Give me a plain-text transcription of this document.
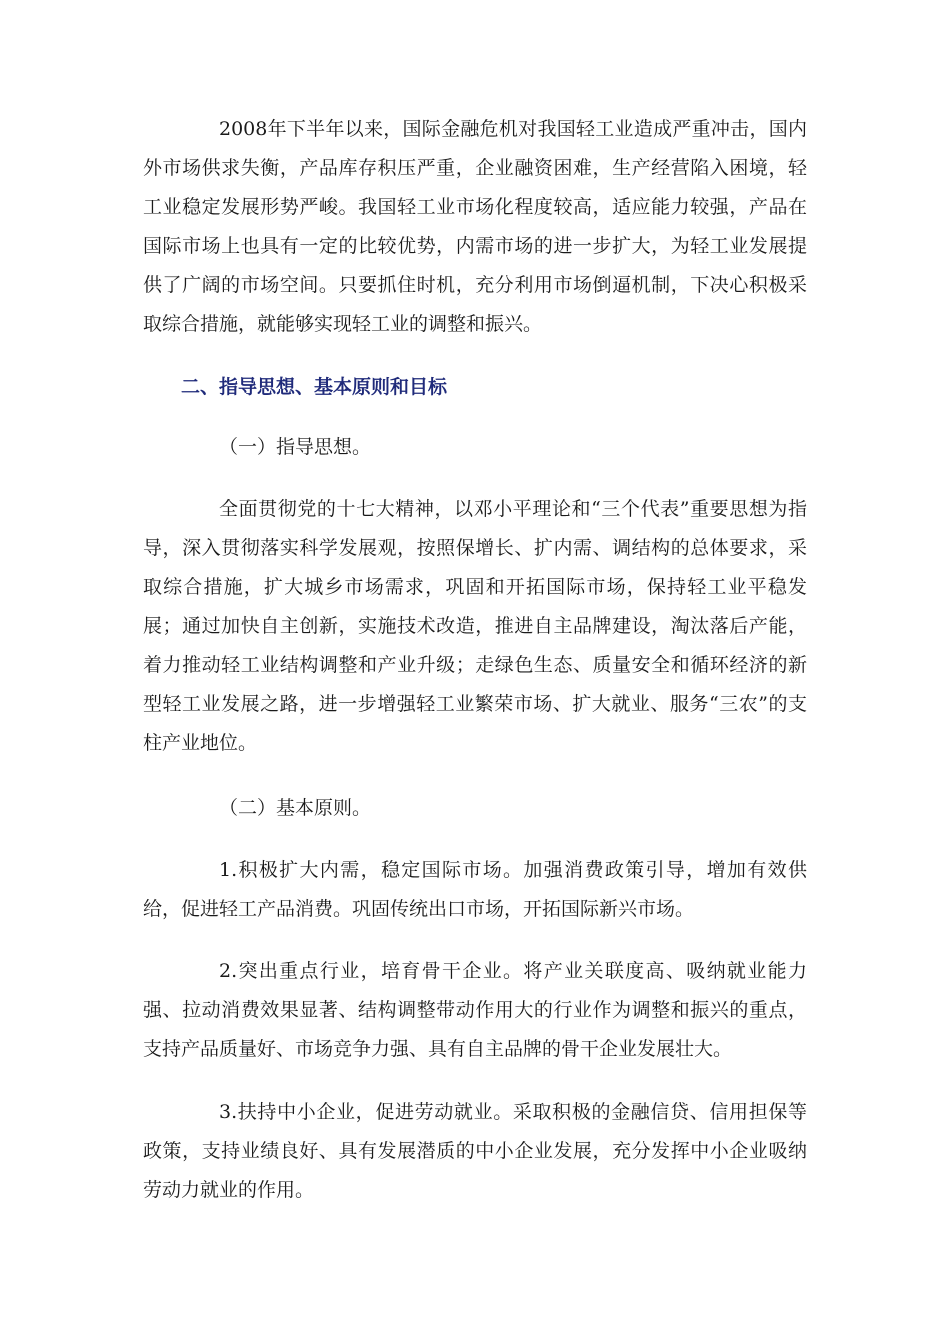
2008年下半年以来，国际金融危机对我国轻工业造成严重冲击，国内外市场供求失衡，产品库存积压严重，企业融资困难，生产经营陷入困境，轻工业稳定发展形势严峻。我国轻工业市场化程度较高，适应能力较强，产品在国际市场上也具有一定的比较优势，内需市场的进一步扩大，为轻工业发展提供了广阔的市场空间。只要抓住时机，充分利用市场倒逼机制，下决心积极采取综合措施，就能够实现轻工业的调整和振兴。

二、指导思想、基本原则和目标

（一）指导思想。

全面贯彻党的十七大精神，以邓小平理论和“三个代表”重要思想为指导，深入贯彻落实科学发展观，按照保增长、扩内需、调结构的总体要求，采取综合措施，扩大城乡市场需求，巩固和开拓国际市场，保持轻工业平稳发展；通过加快自主创新，实施技术改造，推进自主品牌建设，淘汰落后产能，着力推动轻工业结构调整和产业升级；走绿色生态、质量安全和循环经济的新型轻工业发展之路，进一步增强轻工业繁荣市场、扩大就业、服务“三农”的支柱产业地位。

（二）基本原则。

1.积极扩大内需，稳定国际市场。加强消费政策引导，增加有效供给，促进轻工产品消费。巩固传统出口市场，开拓国际新兴市场。

2.突出重点行业，培育骨干企业。将产业关联度高、吸纳就业能力强、拉动消费效果显著、结构调整带动作用大的行业作为调整和振兴的重点，支持产品质量好、市场竞争力强、具有自主品牌的骨干企业发展壮大。

3.扶持中小企业，促进劳动就业。采取积极的金融信贷、信用担保等政策，支持业绩良好、具有发展潜质的中小企业发展，充分发挥中小企业吸纳劳动力就业的作用。
